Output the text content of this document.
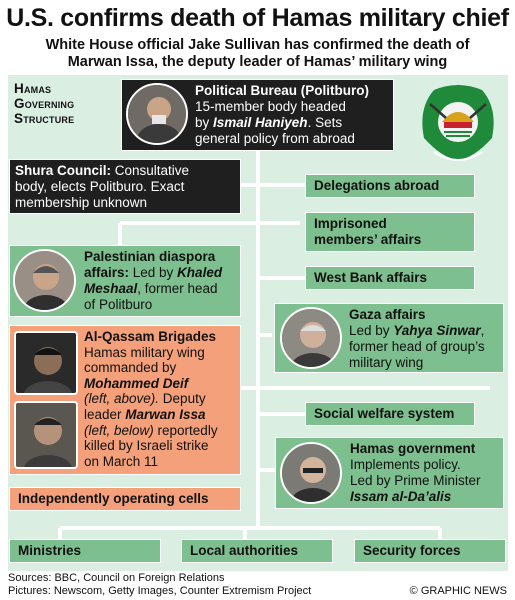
U.S. confirms death of Hamas military chief
White House official Jake Sullivan has confirmed the death of
Marwan Issa, the deputy leader of Hamas’ military wing
Hamas
Governing
Structure
Political Bureau (Politburo)
15-member body headed
by Ismail Haniyeh. Sets
general policy from abroad
Shura Council: Consultative
body, elects Politburo. Exact
membership unknown
Delegations abroad
Imprisoned
members’ affairs
West Bank affairs
Palestinian diaspora
affairs: Led by Khaled
Meshaal, former head
of Politburo
Gaza affairs
Led by Yahya Sinwar,
former head of group’s
military wing
Al-Qassam Brigades
Hamas military wing
commanded by
Mohammed Deif
(left, above). Deputy
leader Marwan Issa
(left, below) reportedly
killed by Israeli strike
on March 11
Social welfare system
Hamas government
Implements policy.
Led by Prime Minister
Issam al-Da’alis
Independently operating cells
Ministries	Local authorities	Security forces
Sources: BBC, Council on Foreign Relations
Pictures: Newscom, Getty Images, Counter Extremism Project	© GRAPHIC NEWS
